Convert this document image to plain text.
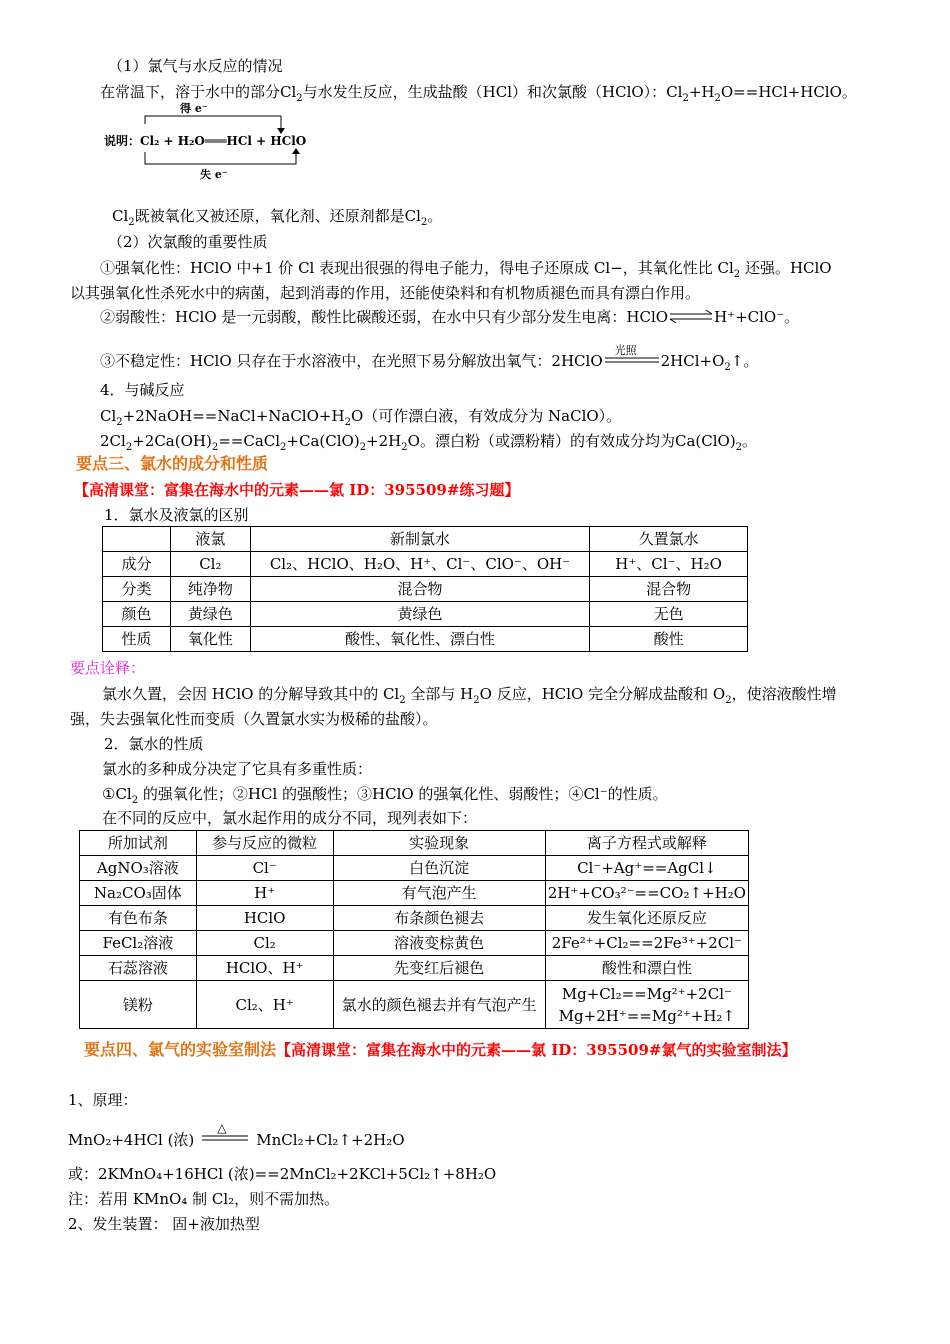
（1）氯气与水反应的情况
在常温下，溶于水中的部分$Cl_2$与水发生反应，生成盐酸（HCl）和次氯酸（HClO）：$Cl_2+H_2O==HCl+HClO$。
得 e⁻
说明：Cl₂ + H₂O═══HCl + HClO
失 e⁻
$Cl_2$既被氧化又被还原，氧化剂、还原剂都是$Cl_2$。
（2）次氯酸的重要性质
①强氧化性：HClO 中+1 价 Cl 表现出很强的得电子能力，得电子还原成 Cl−，其氧化性比 $Cl_2$ 还强。HClO
以其强氧化性杀死水中的病菌，起到消毒的作用，还能使染料和有机物质褪色而具有漂白作用。
②弱酸性：HClO 是一元弱酸，酸性比碳酸还弱，在水中只有少部分发生电离：HClO	H⁺+ClO⁻。
③不稳定性：HClO 只存在于水溶液中，在光照下易分解放出氧气：2HClO
光照
$2HCl+O_2↑$。
4．与碱反应
$Cl_2+2NaOH==NaCl+NaClO+H_2O$（可作漂白液，有效成分为 NaClO）。
$2Cl_2+2Ca(OH)_2==CaCl_2+Ca(ClO)_2+2H_2O$。漂白粉（或漂粉精）的有效成分均为$Ca(ClO)_2$。
要点三、氯水的成分和性质
【高清课堂：富集在海水中的元素——氯 ID：395509#练习题】
1．氯水及液氯的区别
	液氯	新制氯水	久置氯水
成分	Cl₂	Cl₂、HClO、H₂O、H⁺、Cl⁻、ClO⁻、OH⁻	H⁺、Cl⁻、H₂O
分类	纯净物	混合物	混合物
颜色	黄绿色	黄绿色	无色
性质	氧化性	酸性、氧化性、漂白性	酸性
要点诠释：
氯水久置，会因 HClO 的分解导致其中的 $Cl_2$ 全部与 $H_2O$ 反应，HClO 完全分解成盐酸和 $O_2$，使溶液酸性增
强，失去强氧化性而变质（久置氯水实为极稀的盐酸）。
2．氯水的性质
氯水的多种成分决定了它具有多重性质：
$①Cl_2$ 的强氧化性；②HCl 的强酸性；③HClO 的强氧化性、弱酸性；④Cl⁻的性质。
在不同的反应中，氯水起作用的成分不同，现列表如下：
所加试剂	参与反应的微粒	实验现象	离子方程式或解释
AgNO₃溶液	Cl⁻	白色沉淀	Cl⁻+Ag⁺==AgCl↓
Na₂CO₃固体	H⁺	有气泡产生	2H⁺+CO₃²⁻==CO₂↑+H₂O
有色布条	HClO	布条颜色褪去	发生氧化还原反应
FeCl₂溶液	Cl₂	溶液变棕黄色	2Fe²⁺+Cl₂==2Fe³⁺+2Cl⁻
石蕊溶液	HClO、H⁺	先变红后褪色	酸性和漂白性
镁粉	Cl₂、H⁺	氯水的颜色褪去并有气泡产生	Mg+Cl₂==Mg²⁺+2Cl⁻
Mg+2H⁺==Mg²⁺+H₂↑
要点四、氯气的实验室制法【高清课堂：富集在海水中的元素——氯 ID：395509#氯气的实验室制法】
1、原理：
MnO₂+4HCl (浓)
△
MnCl₂+Cl₂↑+2H₂O
或：2KMnO₄+16HCl (浓)==2MnCl₂+2KCl+5Cl₂↑+8H₂O
注：若用 KMnO₄ 制 Cl₂，则不需加热。
2、发生装置： 固+液加热型
